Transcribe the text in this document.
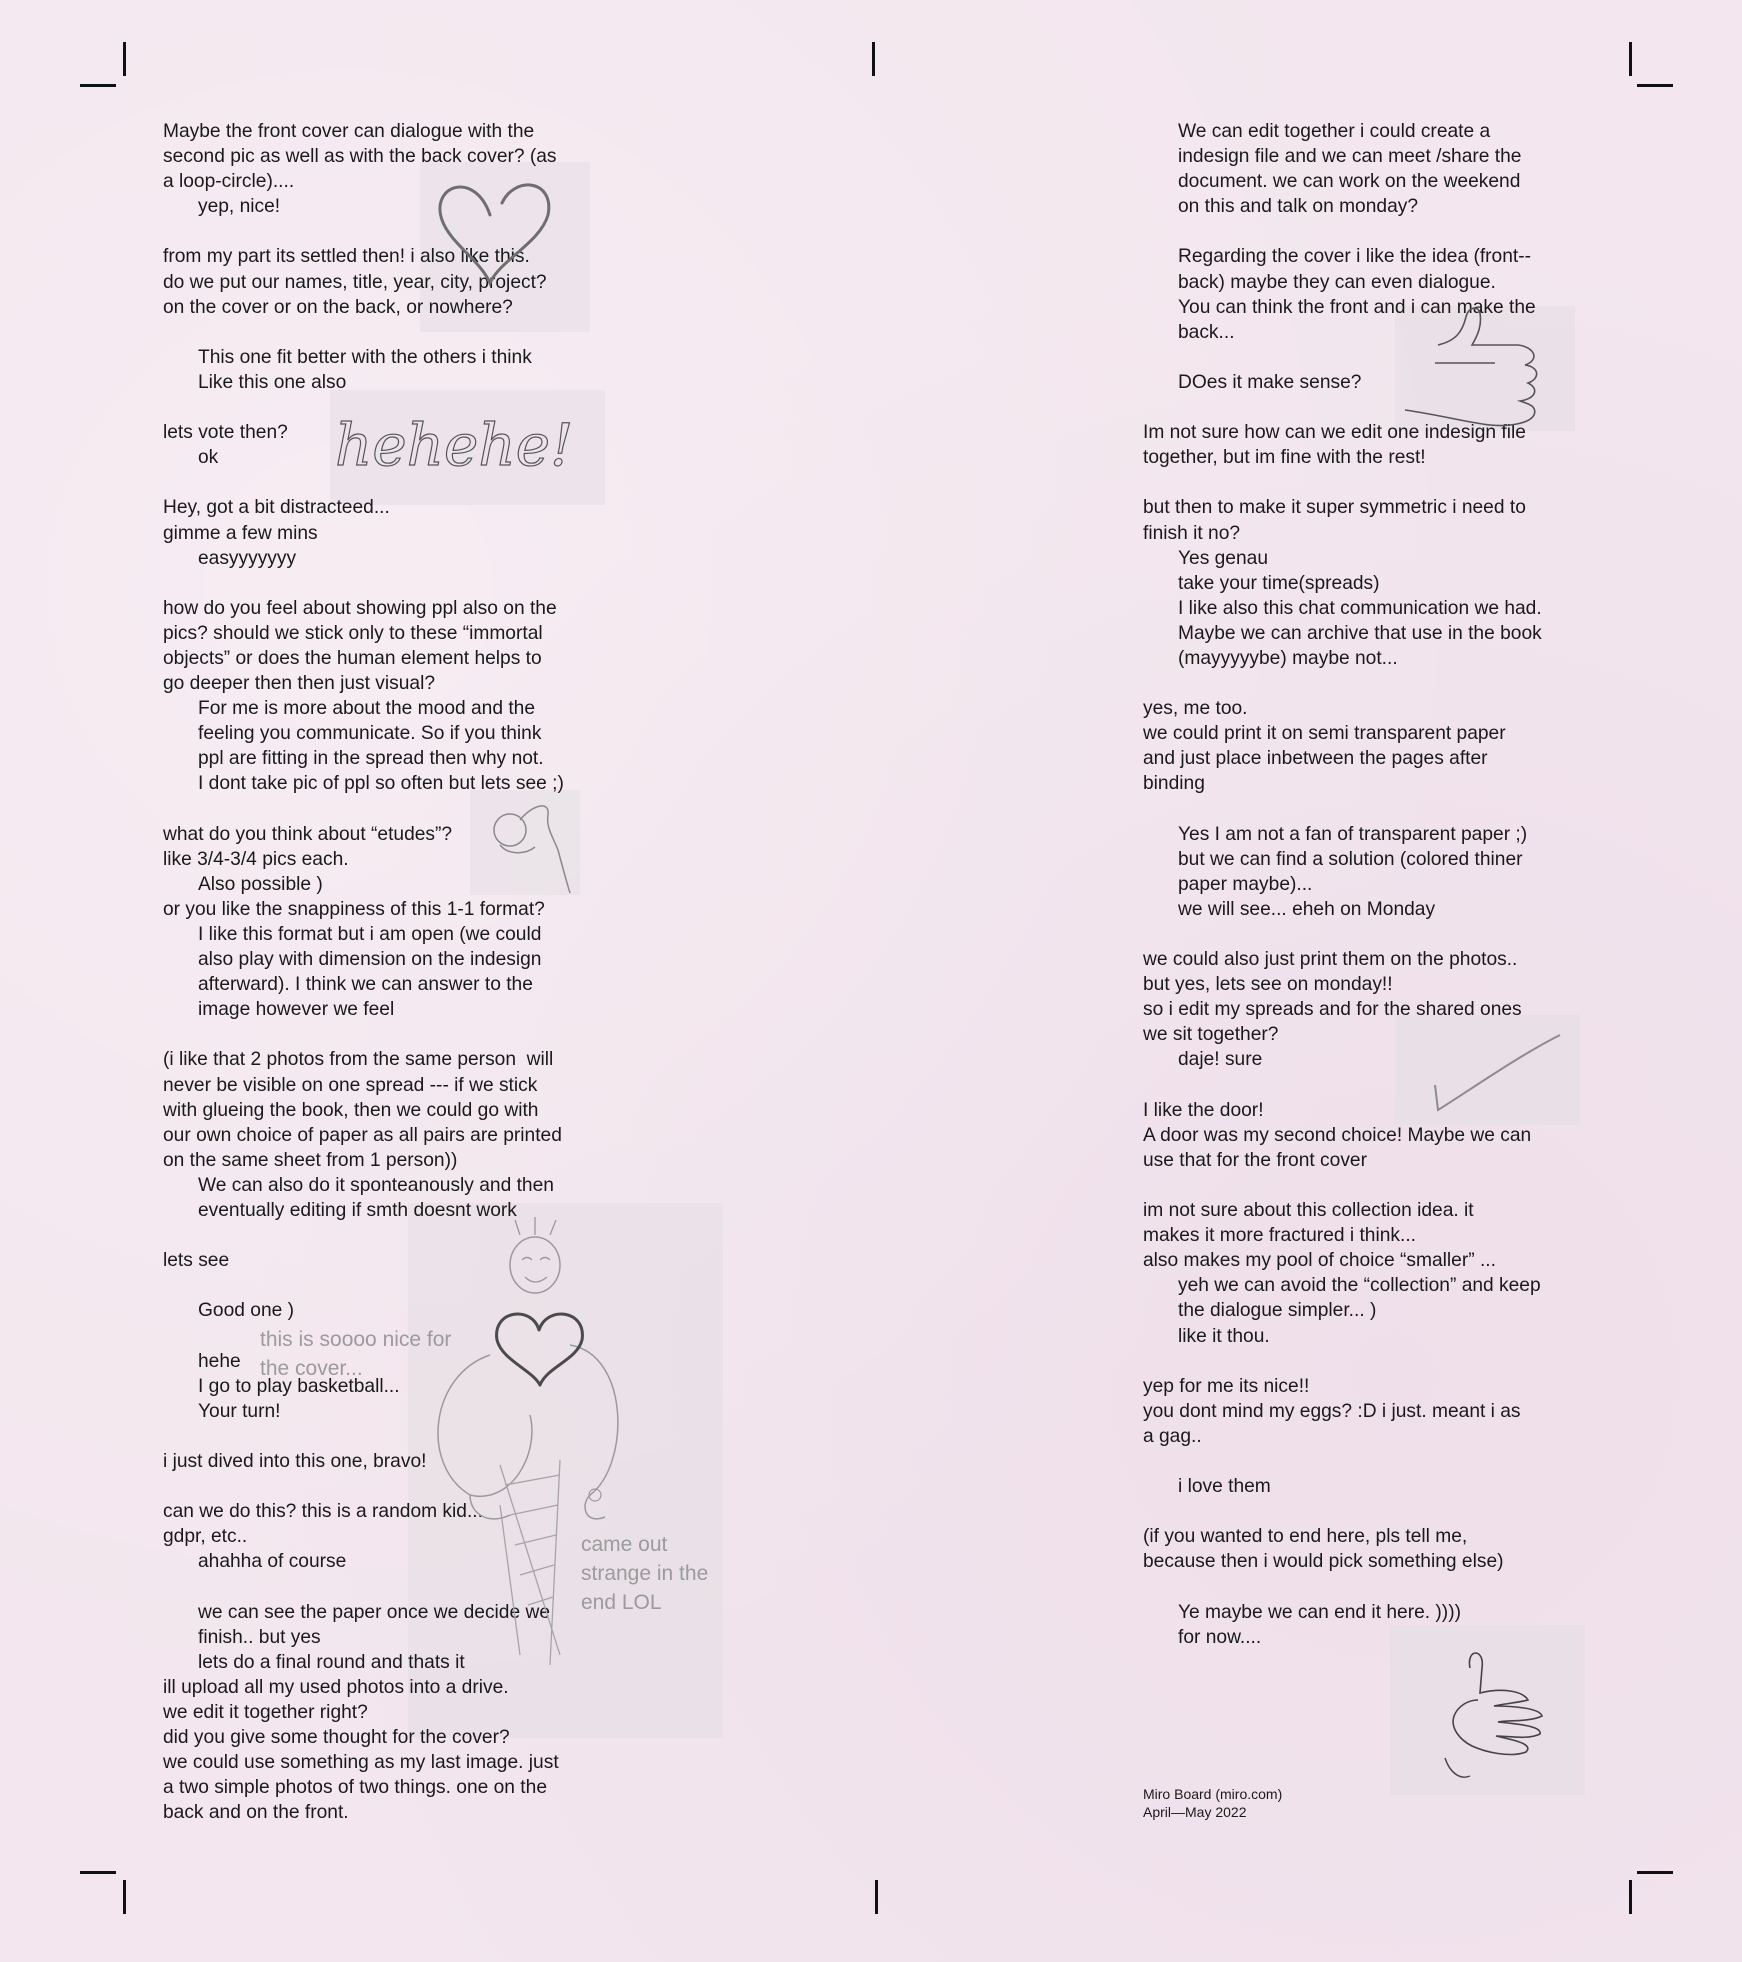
Maybe the front cover can dialogue with the
second pic as well as with the back cover? (as
a loop-circle)....
yep, nice!
from my part its settled then! i also like this.
do we put our names, title, year, city, project?
on the cover or on the back, or nowhere?
This one fit better with the others i think
Like this one also
lets vote then?
ok
Hey, got a bit distracteed...
gimme a few mins
easyyyyyyy
how do you feel about showing ppl also on the
pics? should we stick only to these “immortal
objects” or does the human element helps to
go deeper then then just visual?
For me is more about the mood and the
feeling you communicate. So if you think
ppl are fitting in the spread then why not.
I dont take pic of ppl so often but lets see ;)
what do you think about “etudes”?
like 3/4-3/4 pics each.
Also possible )
or you like the snappiness of this 1-1 format?
I like this format but i am open (we could
also play with dimension on the indesign
afterward). I think we can answer to the
image however we feel
(i like that 2 photos from the same person  will
never be visible on one spread --- if we stick
with glueing the book, then we could go with
our own choice of paper as all pairs are printed
on the same sheet from 1 person))
We can also do it sponteanously and then
eventually editing if smth doesnt work
lets see
Good one )
hehe
I go to play basketball...
Your turn!
i just dived into this one, bravo!
can we do this? this is a random kid...
gdpr, etc..
ahahha of course
we can see the paper once we decide we
finish.. but yes
lets do a final round and thats it
ill upload all my used photos into a drive.
we edit it together right?
did you give some thought for the cover?
we could use something as my last image. just
a two simple photos of two things. one on the
back and on the front.
We can edit together i could create a
indesign file and we can meet /share the
document. we can work on the weekend
on this and talk on monday?
Regarding the cover i like the idea (front--
back) maybe they can even dialogue.
You can think the front and i can make the
back...
DOes it make sense?
Im not sure how can we edit one indesign file
together, but im fine with the rest!
but then to make it super symmetric i need to
finish it no?
Yes genau
take your time(spreads)
I like also this chat communication we had.
Maybe we can archive that use in the book
(mayyyyybe) maybe not...
yes, me too.
we could print it on semi transparent paper
and just place inbetween the pages after
binding
Yes I am not a fan of transparent paper ;)
but we can find a solution (colored thiner
paper maybe)...
we will see... eheh on Monday
we could also just print them on the photos..
but yes, lets see on monday!!
so i edit my spreads and for the shared ones
we sit together?
daje! sure
I like the door!
A door was my second choice! Maybe we can
use that for the front cover
im not sure about this collection idea. it
makes it more fractured i think...
also makes my pool of choice “smaller” ...
yeh we can avoid the “collection” and keep
the dialogue simpler... )
like it thou.
yep for me its nice!!
you dont mind my eggs? :D i just. meant i as
a gag..
i love them
(if you wanted to end here, pls tell me,
because then i would pick something else)
Ye maybe we can end it here. ))))
for now....
hehehe!
this is soooo nice for
the cover...
came out
strange in the
end LOL
Miro Board (miro.com)
April—May 2022
